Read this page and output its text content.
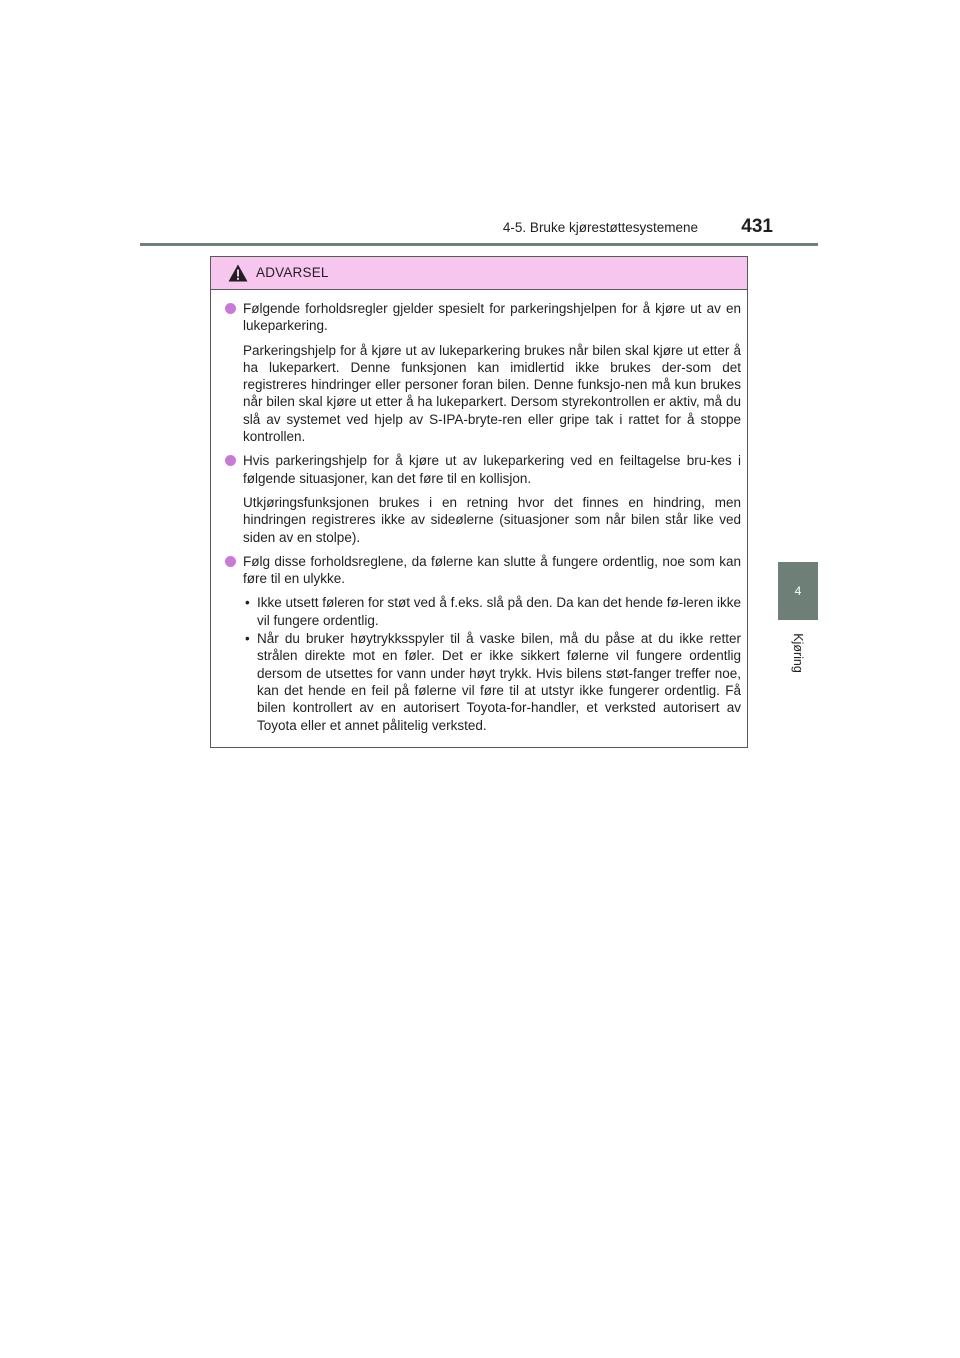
4-5. Bruke kjørestøttesystemene 431
4
Kjøring
ADVARSEL

Følgende forholdsregler gjelder spesielt for parkeringshjelpen for å kjøre ut av en lukeparkering.

Parkeringshjelp for å kjøre ut av lukeparkering brukes når bilen skal kjøre ut etter å ha lukeparkert. Denne funksjonen kan imidlertid ikke brukes der-som det registreres hindringer eller personer foran bilen. Denne funksjo-nen må kun brukes når bilen skal kjøre ut etter å ha lukeparkert. Dersom styrekontrollen er aktiv, må du slå av systemet ved hjelp av S-IPA-bryte-ren eller gripe tak i rattet for å stoppe kontrollen.

Hvis parkeringshjelp for å kjøre ut av lukeparkering ved en feiltagelse bru-kes i følgende situasjoner, kan det føre til en kollisjon.

Utkjøringsfunksjonen brukes i en retning hvor det finnes en hindring, men hindringen registreres ikke av sideølerne (situasjoner som når bilen står like ved siden av en stolpe).

Følg disse forholdsreglene, da følerne kan slutte å fungere ordentlig, noe som kan føre til en ulykke.

• Ikke utsett føleren for støt ved å f.eks. slå på den. Da kan det hende fø-leren ikke vil fungere ordentlig.

• Når du bruker høytrykksspyler til å vaske bilen, må du påse at du ikke retter strålen direkte mot en føler. Det er ikke sikkert følerne vil fungere ordentlig dersom de utsettes for vann under høyt trykk. Hvis bilens støt-fanger treffer noe, kan det hende en feil på følerne vil føre til at utstyr ikke fungerer ordentlig. Få bilen kontrollert av en autorisert Toyota-for-handler, et verksted autorisert av Toyota eller et annet pålitelig verksted.
